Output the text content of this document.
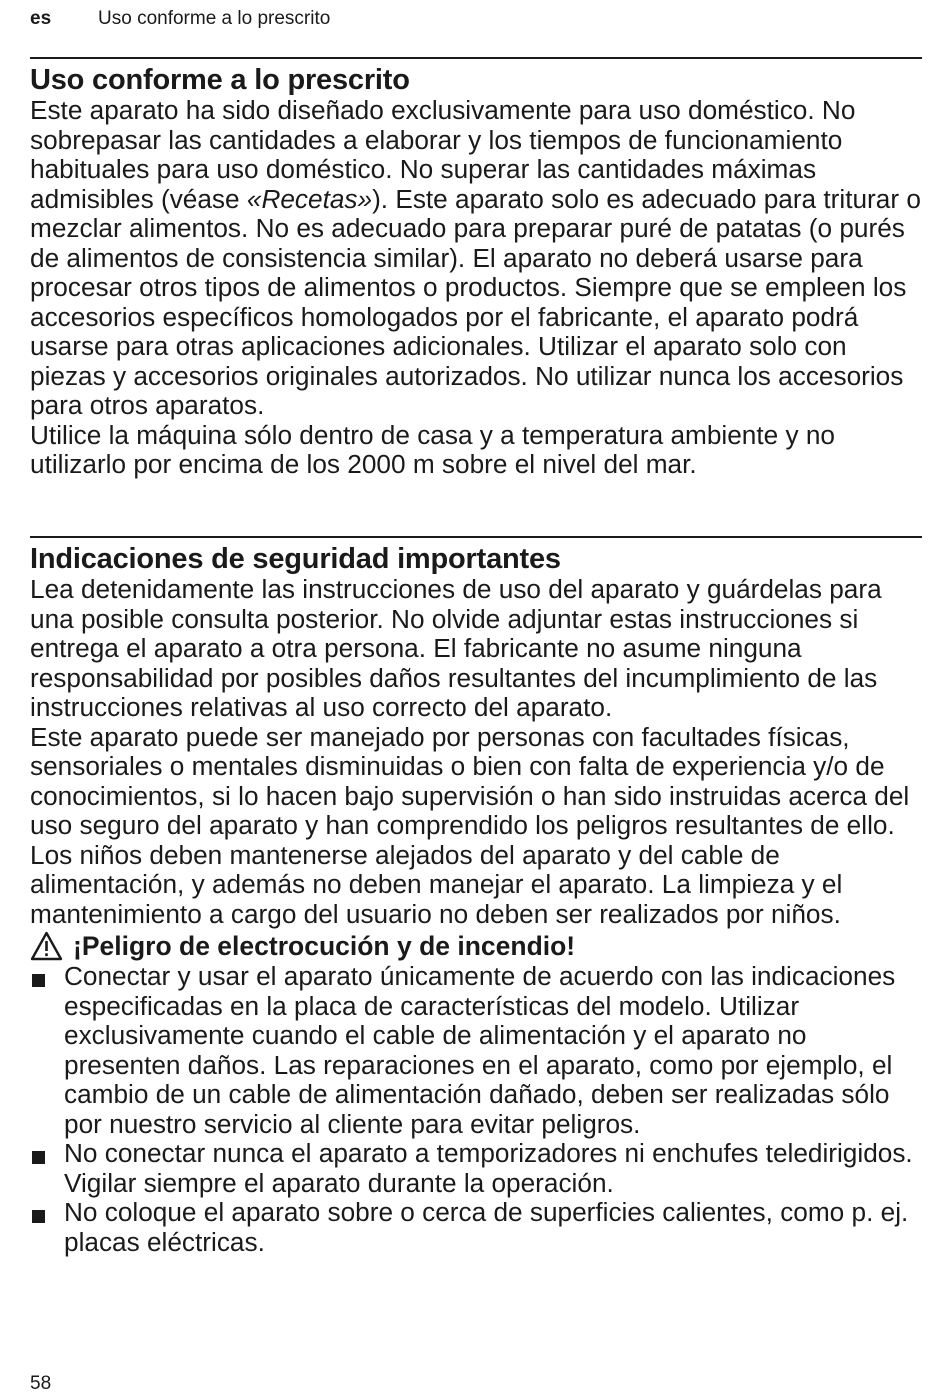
es Uso conforme a lo prescrito
Uso conforme a lo prescrito

Este aparato ha sido diseñado exclusivamente para uso doméstico. No sobrepasar las cantidades a elaborar y los tiempos de funcionamiento habituales para uso doméstico. No superar las cantidades máximas admisibles (véase «Recetas»). Este aparato solo es adecuado para triturar o mezclar alimentos. No es adecuado para preparar puré de patatas (o purés de alimentos de consistencia similar). El aparato no deberá usarse para procesar otros tipos de alimentos o productos. Siempre que se empleen los accesorios específicos homologados por el fabricante, el aparato podrá usarse para otras aplicaciones adicionales. Utilizar el aparato solo con piezas y accesorios originales autorizados. No utilizar nunca los accesorios para otros aparatos.

Utilice la máquina sólo dentro de casa y a temperatura ambiente y no utilizarlo por encima de los 2000 m sobre el nivel del mar.

Indicaciones de seguridad importantes

Lea detenidamente las instrucciones de uso del aparato y guárdelas para una posible consulta posterior. No olvide adjuntar estas instrucciones si entrega el aparato a otra persona. El fabricante no asume ninguna responsabilidad por posibles daños resultantes del incumplimiento de las instrucciones relativas al uso correcto del aparato.

Este aparato puede ser manejado por personas con facultades físicas, sensoriales o mentales disminuidas o bien con falta de experiencia y/o de conocimientos, si lo hacen bajo supervisión o han sido instruidas acerca del uso seguro del aparato y han comprendido los peligros resultantes de ello. Los niños deben mantenerse alejados del aparato y del cable de alimentación, y además no deben manejar el aparato. La limpieza y el mantenimiento a cargo del usuario no deben ser realizados por niños.

¡Peligro de electrocución y de incendio!
Conectar y usar el aparato únicamente de acuerdo con las indicaciones especificadas en la placa de características del modelo. Utilizar exclusivamente cuando el cable de alimentación y el aparato no presenten daños. Las reparaciones en el aparato, como por ejemplo, el cambio de un cable de alimentación dañado, deben ser realizadas sólo por nuestro servicio al cliente para evitar peligros.
No conectar nunca el aparato a temporizadores ni enchufes teledirigidos. Vigilar siempre el aparato durante la operación.
No coloque el aparato sobre o cerca de superficies calientes, como p. ej. placas eléctricas.
58
